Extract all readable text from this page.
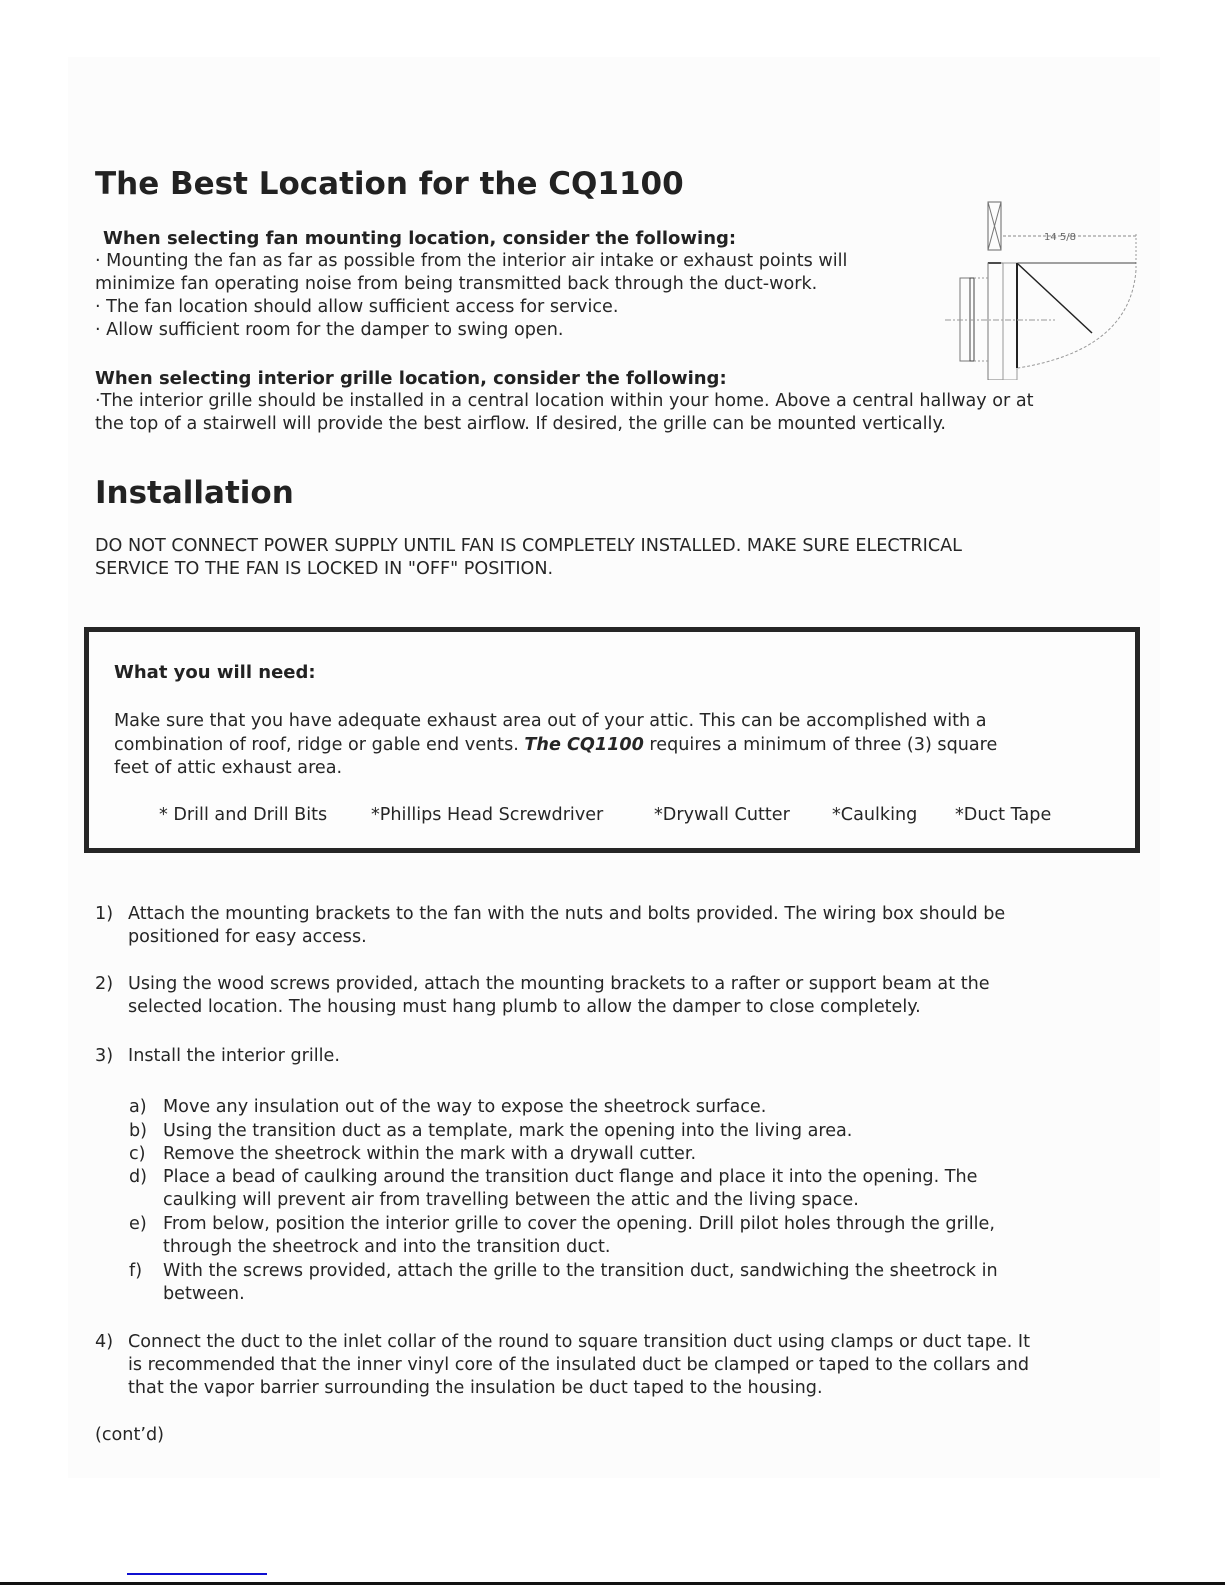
The Best Location for the CQ1100
When selecting fan mounting location, consider the following:
· Mounting the fan as far as possible from the interior air intake or exhaust points will
minimize fan operating noise from being transmitted back through the duct-work.
· The fan location should allow sufficient access for service.
· Allow sufficient room for the damper to swing open.
14 5/8
When selecting interior grille location, consider the following:
·The interior grille should be installed in a central location within your home. Above a central hallway or at
the top of a stairwell will provide the best airflow. If desired, the grille can be mounted vertically.
Installation
DO NOT CONNECT POWER SUPPLY UNTIL FAN IS COMPLETELY INSTALLED. MAKE SURE ELECTRICAL
SERVICE TO THE FAN IS LOCKED IN "OFF" POSITION.
What you will need:
Make sure that you have adequate exhaust area out of your attic. This can be accomplished with a
combination of roof, ridge or gable end vents. The CQ1100 requires a minimum of three (3) square
feet of attic exhaust area.
* Drill and Drill Bits *Phillips Head Screwdriver	*Drywall Cutter *Caulking *Duct Tape
1) Attach the mounting brackets to the fan with the nuts and bolts provided. The wiring box should be
positioned for easy access.
2) Using the wood screws provided, attach the mounting brackets to a rafter or support beam at the
selected location. The housing must hang plumb to allow the damper to close completely.
3) Install the interior grille.
a) Move any insulation out of the way to expose the sheetrock surface.
b) Using the transition duct as a template, mark the opening into the living area.
c) Remove the sheetrock within the mark with a drywall cutter.
d) Place a bead of caulking around the transition duct flange and place it into the opening. The
caulking will prevent air from travelling between the attic and the living space.
e) From below, position the interior grille to cover the opening. Drill pilot holes through the grille,
through the sheetrock and into the transition duct.
f) With the screws provided, attach the grille to the transition duct, sandwiching the sheetrock in
between.
4) Connect the duct to the inlet collar of the round to square transition duct using clamps or duct tape. It
is recommended that the inner vinyl core of the insulated duct be clamped or taped to the collars and
that the vapor barrier surrounding the insulation be duct taped to the housing.
(cont’d)
